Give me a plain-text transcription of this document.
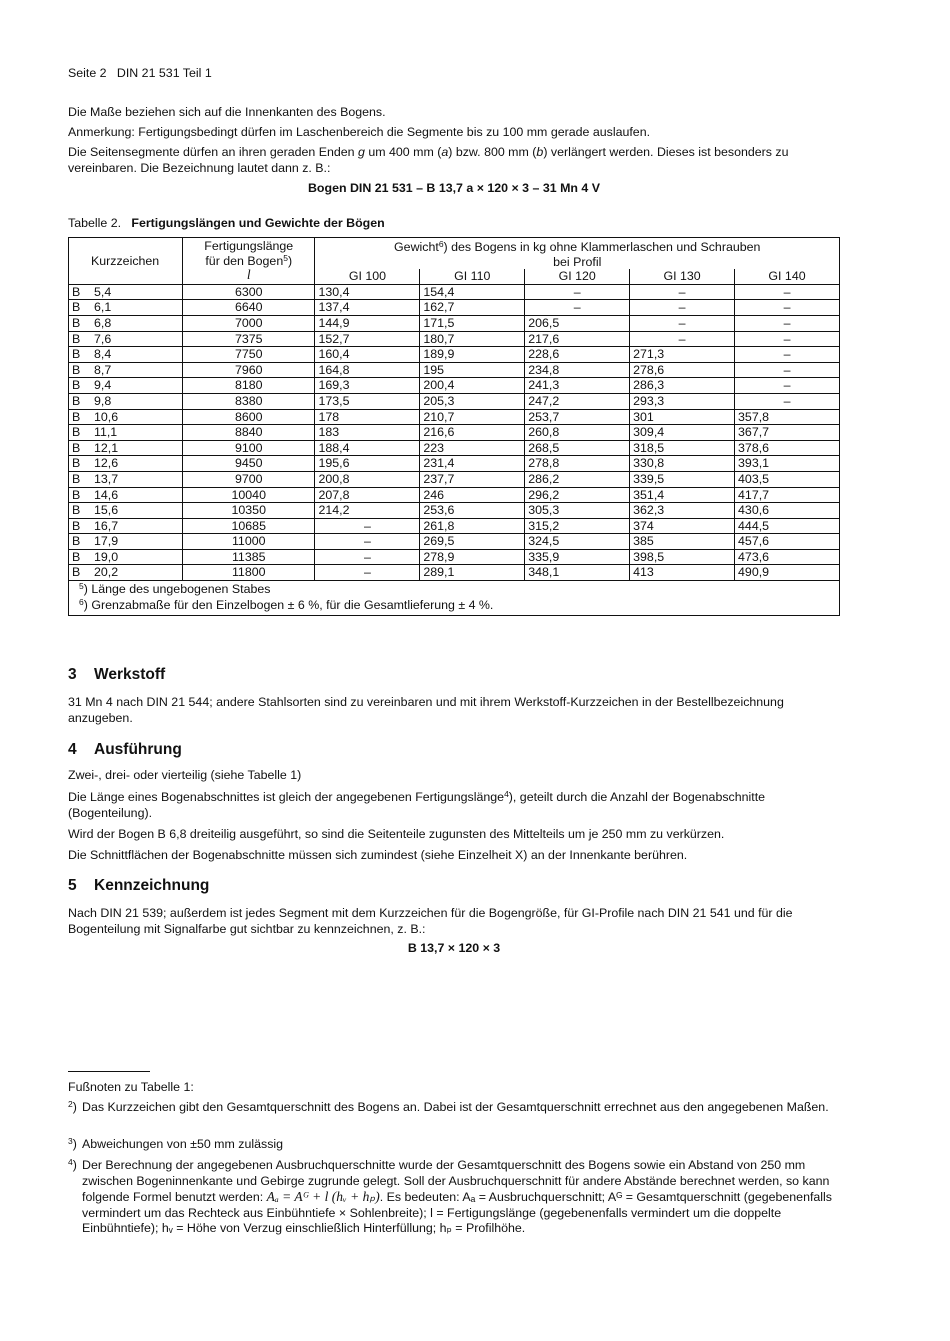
Seite 2   DIN 21 531 Teil 1

Die Maße beziehen sich auf die Innenkanten des Bogens.

Anmerkung: Fertigungsbedingt dürfen im Laschenbereich die Segmente bis zu 100 mm gerade auslaufen.

Die Seitensegmente dürfen an ihren geraden Enden g um 400 mm (a) bzw. 800 mm (b) verlängert werden. Dieses ist besonders zu vereinbaren. Die Bezeichnung lautet dann z. B.:

Bogen DIN 21 531 – B 13,7 a × 120 × 3 – 31 Mn 4 V

Tabelle 2. Fertigungslängen und Gewichte der Bögen

Kurzzeichen	Fertigungslänge
für den Bogen$^5$)
l	Gewicht$^6$) des Bogens in kg ohne Klammerlaschen und Schrauben				
		bei Profil				
		GI 100	GI 110	GI 120	GI 130	GI 140
B 5,4	6300	130,4	154,4	–	–	–
B 6,1	6640	137,4	162,7	–	–	–
B 6,8	7000	144,9	171,5	206,5	–	–
B 7,6	7375	152,7	180,7	217,6	–	–
B 8,4	7750	160,4	189,9	228,6	271,3	–
B 8,7	7960	164,8	195	234,8	278,6	–
B 9,4	8180	169,3	200,4	241,3	286,3	–
B 9,8	8380	173,5	205,3	247,2	293,3	–
B 10,6	8600	178	210,7	253,7	301	357,8
B 11,1	8840	183	216,6	260,8	309,4	367,7
B 12,1	9100	188,4	223	268,5	318,5	378,6
B 12,6	9450	195,6	231,4	278,8	330,8	393,1
B 13,7	9700	200,8	237,7	286,2	339,5	403,5
B 14,6	10040	207,8	246	296,2	351,4	417,7
B 15,6	10350	214,2	253,6	305,3	362,3	430,6
B 16,7	10685	–	261,8	315,2	374	444,5
B 17,9	11000	–	269,5	324,5	385	457,6
B 19,0	11385	–	278,9	335,9	398,5	473,6
B 20,2	11800	–	289,1	348,1	413	490,9
$^5$) Länge des ungebogenen Stabes						
$^6$) Grenzabmaße für den Einzelbogen ± 6 %, für die Gesamtlieferung ± 4 %.						
3 Werkstoff

31 Mn 4 nach DIN 21 544; andere Stahlsorten sind zu vereinbaren und mit ihrem Werkstoff-Kurzzeichen in der Bestellbezeichnung anzugeben.

4 Ausführung

Zwei-, drei- oder vierteilig (siehe Tabelle 1)

Die Länge eines Bogenabschnittes ist gleich der angegebenen Fertigungslänge$^4$), geteilt durch die Anzahl der Bogenabschnitte (Bogenteilung).

Wird der Bogen B 6,8 dreiteilig ausgeführt, so sind die Seitenteile zugunsten des Mittelteils um je 250 mm zu verkürzen.

Die Schnittflächen der Bogenabschnitte müssen sich zumindest (siehe Einzelheit X) an der Innenkante berühren.

5 Kennzeichnung

Nach DIN 21 539; außerdem ist jedes Segment mit dem Kurzzeichen für die Bogengröße, für GI-Profile nach DIN 21 541 und für die Bogenteilung mit Signalfarbe gut sichtbar zu kennzeichnen, z. B.:

B 13,7 × 120 × 3

Fußnoten zu Tabelle 1:

$^2$) Das Kurzzeichen gibt den Gesamtquerschnitt des Bogens an. Dabei ist der Gesamtquerschnitt errechnet aus den angegebenen Maßen.
$^3$) Abweichungen von ±50 mm zulässig
$^4$) Der Berechnung der angegebenen Ausbruchquerschnitte wurde der Gesamtquerschnitt des Bogens sowie ein Abstand von 250 mm zwischen Bogeninnenkante und Gebirge zugrunde gelegt. Soll der Ausbruchquerschnitt für andere Abstände berechnet werden, so kann folgende Formel benutzt werden: Aₐ = Aᴳ + l (hᵥ + hₚ). Es bedeuten: Aₐ = Ausbruchquerschnitt; Aᴳ = Gesamtquerschnitt (gegebenenfalls vermindert um das Rechteck aus Einbühntiefe × Sohlenbreite); l = Fertigungslänge (gegebenenfalls vermindert um die doppelte Einbühntiefe); hᵥ = Höhe von Verzug einschließlich Hinterfüllung; hₚ = Profilhöhe.
